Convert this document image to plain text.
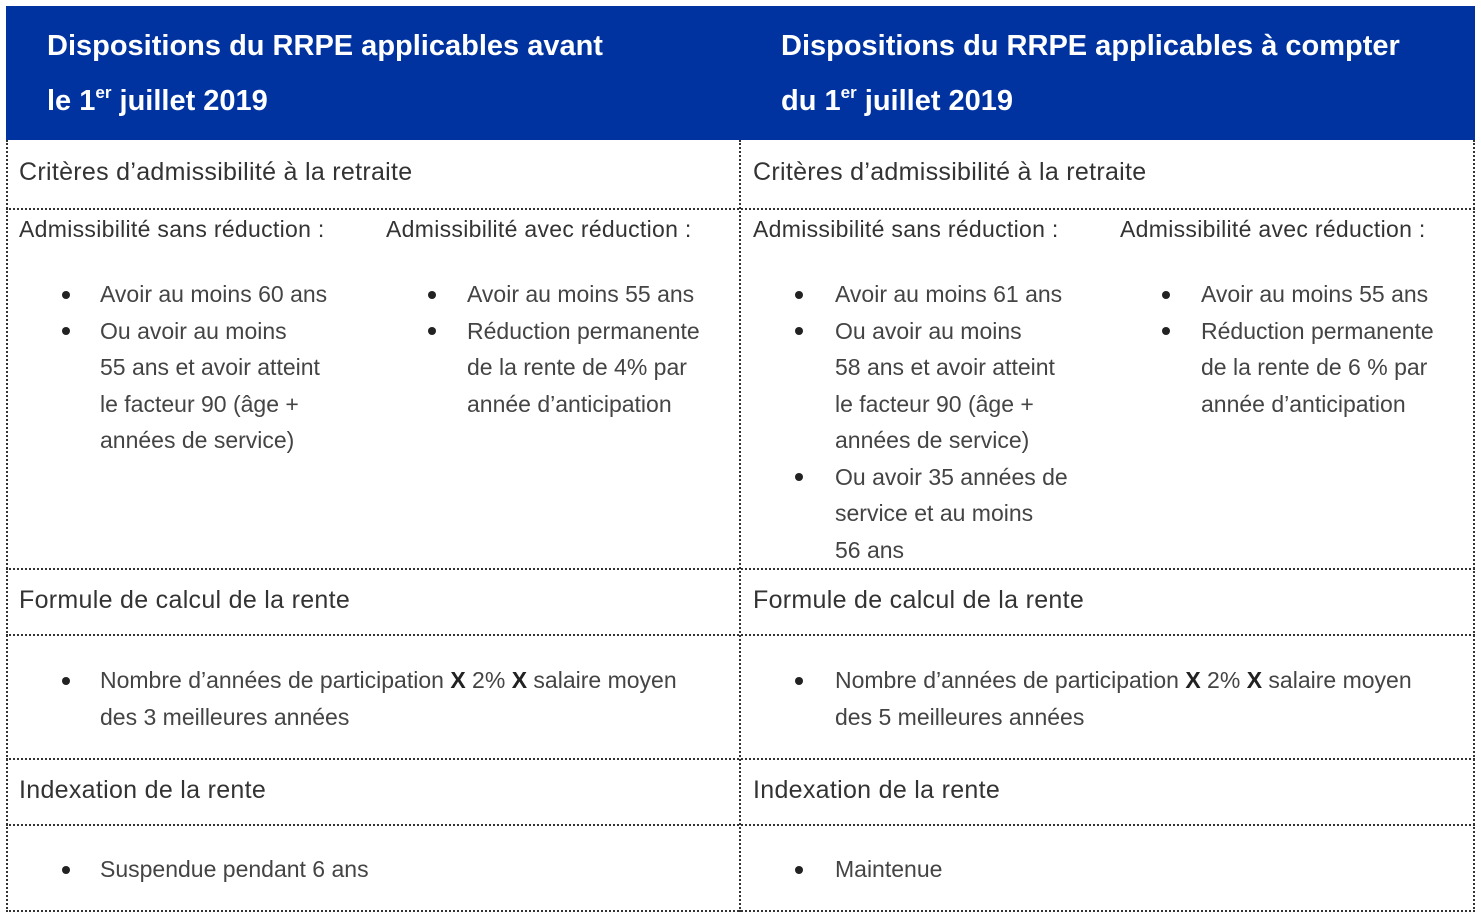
Dispositions du RRPE applicables avant
le 1er juillet 2019
Dispositions du RRPE applicables à compter
du 1er juillet 2019
Critères d’admissibilité à la retraite
Admissibilité sans réduction :
Avoir au moins 60 ans
Ou avoir au moins
55 ans et avoir atteint
le facteur 90 (âge +
années de service)
Admissibilité avec réduction :
Avoir au moins 55 ans
Réduction permanente
de la rente de 4% par
année d’anticipation
Formule de calcul de la rente
Nombre d’années de participation X 2% X salaire moyen
des 3 meilleures années
Indexation de la rente
Suspendue pendant 6 ans
Critères d’admissibilité à la retraite
Admissibilité sans réduction :
Avoir au moins 61 ans
Ou avoir au moins
58 ans et avoir atteint
le facteur 90 (âge +
années de service)
Ou avoir 35 années de
service et au moins
56 ans
Admissibilité avec réduction :
Avoir au moins 55 ans
Réduction permanente
de la rente de 6 % par
année d’anticipation
Formule de calcul de la rente
Nombre d’années de participation X 2% X salaire moyen
des 5 meilleures années
Indexation de la rente
Maintenue
